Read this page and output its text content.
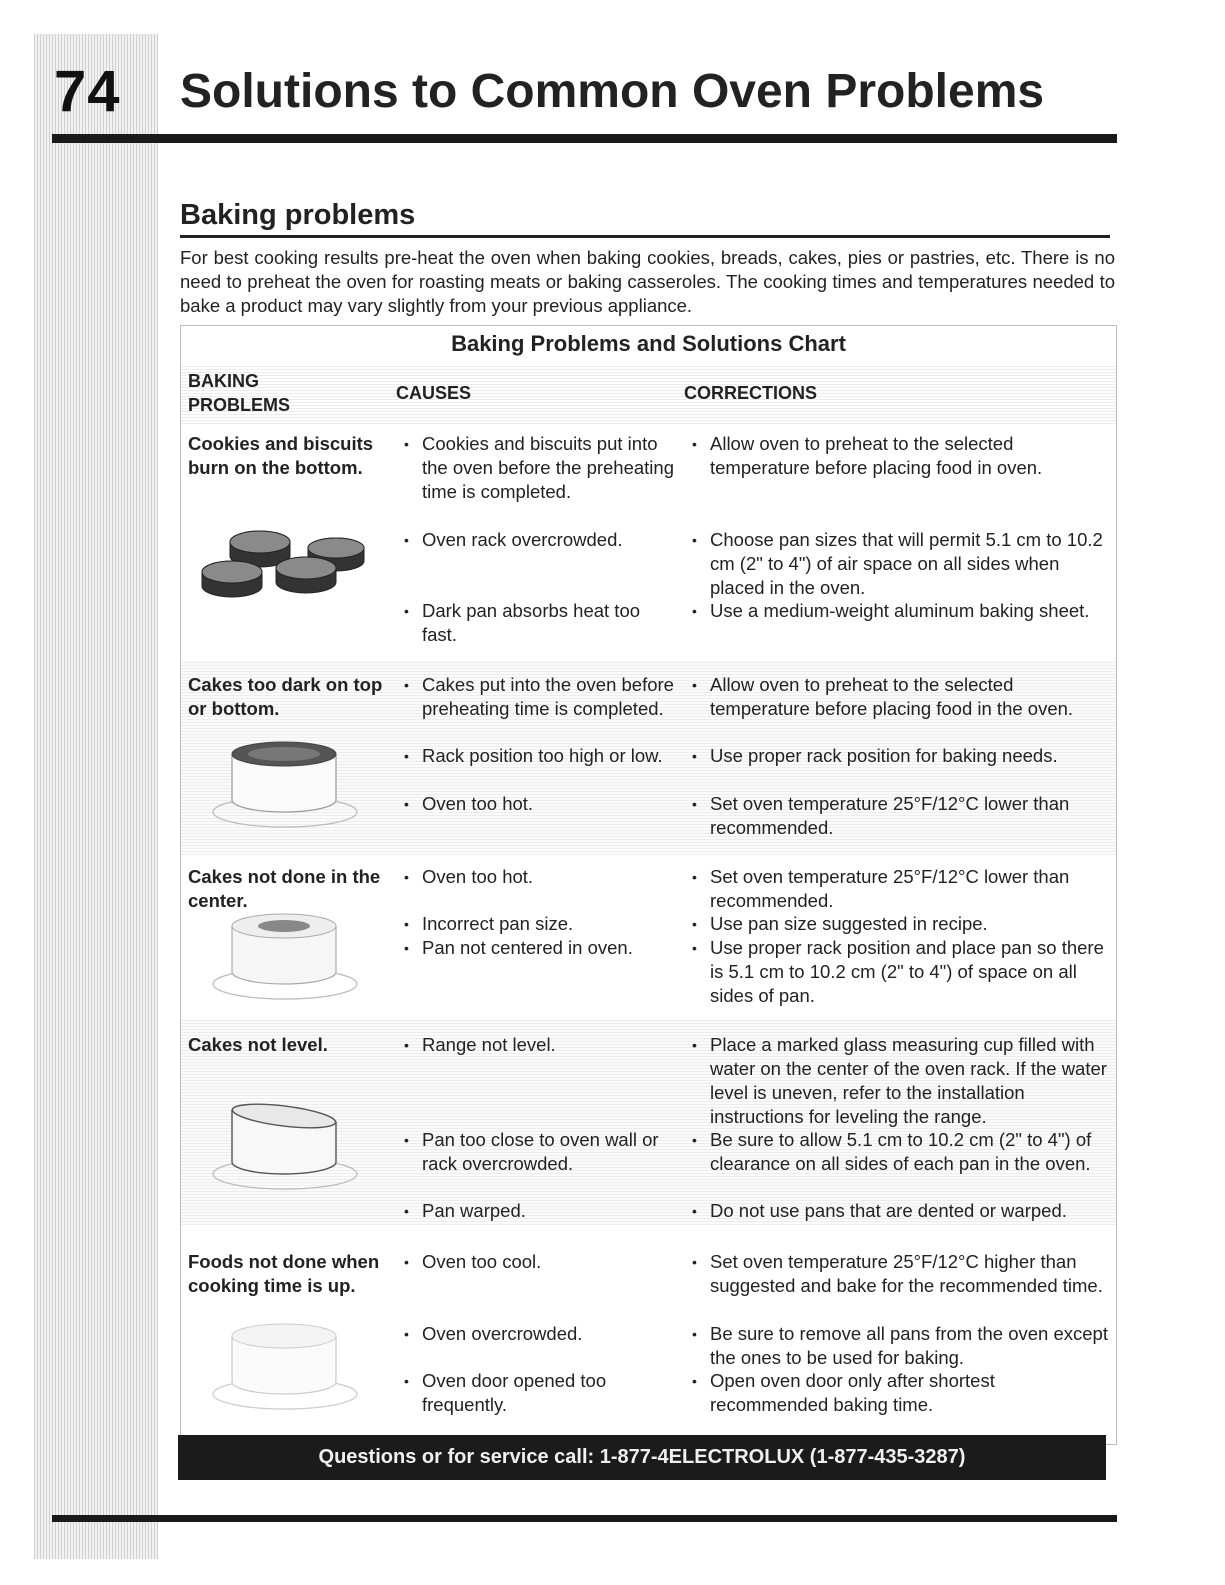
74 Solutions to Common Oven Problems
Baking problems
For best cooking results pre-heat the oven when baking cookies, breads, cakes, pies or pastries, etc. There is no need to preheat the oven for roasting meats or baking casseroles. The cooking times and temperatures needed to bake a product may vary slightly from your previous appliance.
Baking Problems and Solutions Chart
BAKING PROBLEMS
CAUSES	CORRECTIONS
Cookies and biscuits burn on the bottom.
• Cookies and biscuits put into the oven before the preheating time is completed.
• Oven rack overcrowded.
• Dark pan absorbs heat too fast.
• Allow oven to preheat to the selected temperature before placing food in oven.
• Choose pan sizes that will permit 5.1 cm to 10.2 cm (2" to 4") of air space on all sides when placed in the oven.
• Use a medium-weight aluminum baking sheet.
Cakes too dark on top or bottom.
• Cakes put into the oven before preheating time is completed.
• Rack position too high or low.
• Oven too hot.
• Allow oven to preheat to the selected temperature before placing food in the oven.
• Use proper rack position for baking needs.
• Set oven temperature 25°F/12°C lower than recommended.
Cakes not done in the center.
• Oven too hot.
• Incorrect pan size.
• Pan not centered in oven.
• Set oven temperature 25°F/12°C lower than recommended.
• Use pan size suggested in recipe.
• Use proper rack position and place pan so there is 5.1 cm to 10.2 cm (2" to 4") of space on all sides of pan.
Cakes not level.	• Range not level.
• Pan too close to oven wall or rack overcrowded.
• Pan warped.
• Place a marked glass measuring cup filled with water on the center of the oven rack. If the water level is uneven, refer to the installation instructions for leveling the range.
• Be sure to allow 5.1 cm to 10.2 cm (2" to 4") of clearance on all sides of each pan in the oven.
• Do not use pans that are dented or warped.
Foods not done when cooking time is up.
• Oven too cool.
• Oven overcrowded.
• Oven door opened too frequently.
• Set oven temperature 25°F/12°C higher than suggested and bake for the recommended time.
• Be sure to remove all pans from the oven except the ones to be used for baking.
• Open oven door only after shortest recommended baking time.
Questions or for service call: 1-877-4ELECTROLUX (1-877-435-3287)
